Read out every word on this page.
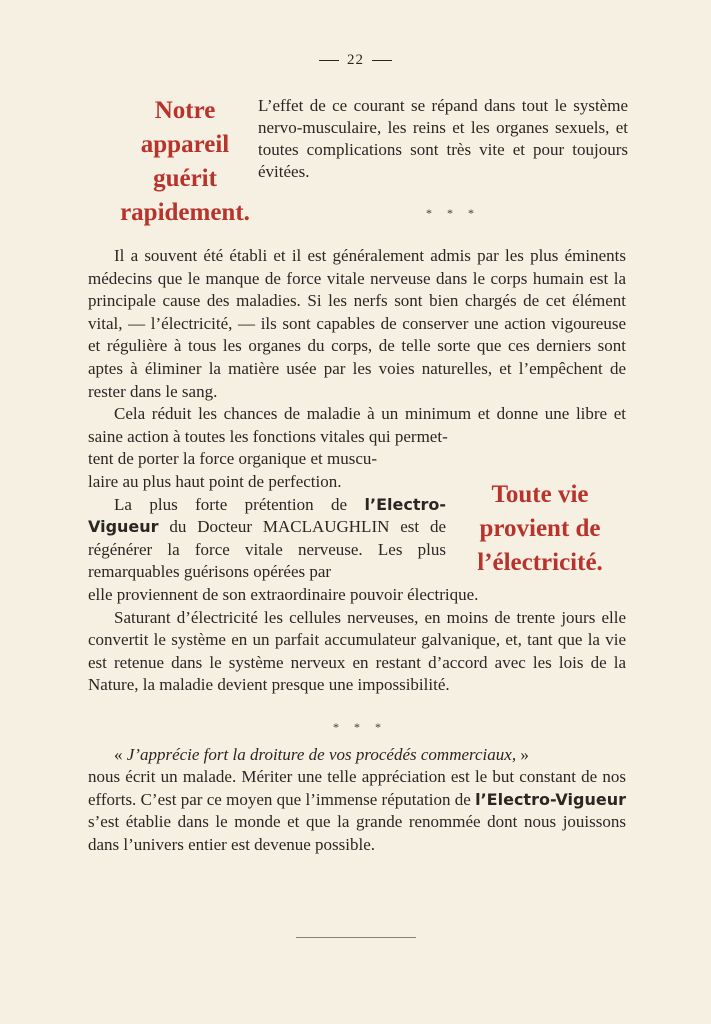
22
Notre
appareil
guérit
rapidement.
L’effet de ce courant se répand dans tout le système nervo-musculaire, les reins et les organes sexuels, et toutes complications sont très vite et pour toujours évitées.
* * *

Il a souvent été établi et il est généralement admis par les plus éminents médecins que le manque de force vitale nerveuse dans le corps humain est la principale cause des maladies. Si les nerfs sont bien chargés de cet élément vital, — l’électricité, — ils sont capables de conserver une action vigoureuse et régulière à tous les organes du corps, de telle sorte que ces derniers sont aptes à éliminer la matière usée par les voies naturelles, et l’empêchent de rester dans le sang.

Cela réduit les chances de maladie à un minimum et donne une libre et saine action à toutes les fonctions vitales qui permet-

tent de porter la force organique et muscu-

laire au plus haut point de perfection.

La plus forte prétention de l’Electro-Vigueur du Docteur MACLAUGHLIN est de régénérer la force vitale nerveuse. Les plus remarquables guérisons opérées par

elle proviennent de son extraordinaire pouvoir électrique.

Saturant d’électricité les cellules nerveuses, en moins de trente jours elle convertit le système en un parfait accumulateur galvanique, et, tant que la vie est retenue dans le système nerveux en restant d’accord avec les lois de la Nature, la maladie devient presque une impossibilité.

Toute vie
provient de
l’électricité.
* * *

« J’apprécie fort la droiture de vos procédés commerciaux, »

nous écrit un malade. Mériter une telle appréciation est le but constant de nos efforts. C’est par ce moyen que l’immense réputation de l’Electro-Vigueur s’est établie dans le monde et que la grande renommée dont nous jouissons dans l’univers entier est devenue possible.
